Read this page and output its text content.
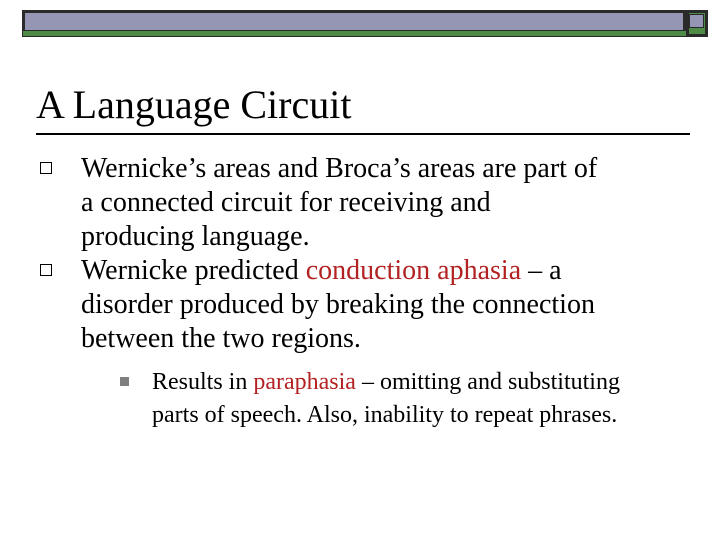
A Language Circuit
Wernicke’s areas and Broca’s areas are part of
a connected circuit for receiving and
producing language.
Wernicke predicted conduction aphasia – a
disorder produced by breaking the connection
between the two regions.
Results in paraphasia – omitting and substituting
parts of speech. Also, inability to repeat phrases.
